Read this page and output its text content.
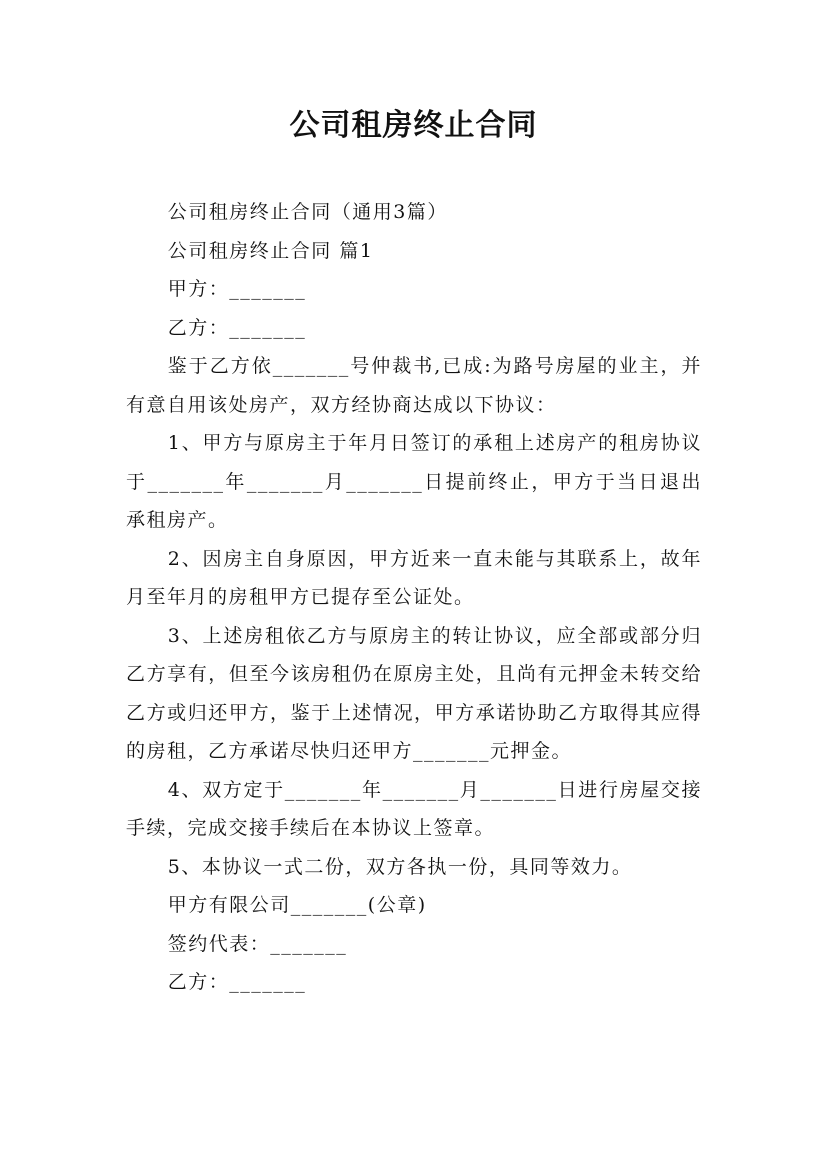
公司租房终止合同

公司租房终止合同（通用3篇）

公司租房终止合同 篇1

甲方：_______

乙方：_______

鉴于乙方依_______号仲裁书,已成:为路号房屋的业主，并有意自用该处房产，双方经协商达成以下协议：

1、甲方与原房主于年月日签订的承租上述房产的租房协议于_______年_______月_______日提前终止，甲方于当日退出承租房产。

2、因房主自身原因，甲方近来一直未能与其联系上，故年月至年月的房租甲方已提存至公证处。

3、上述房租依乙方与原房主的转让协议，应全部或部分归乙方享有，但至今该房租仍在原房主处，且尚有元押金未转交给乙方或归还甲方，鉴于上述情况，甲方承诺协助乙方取得其应得的房租，乙方承诺尽快归还甲方_______元押金。

4、双方定于_______年_______月_______日进行房屋交接手续，完成交接手续后在本协议上签章。

5、本协议一式二份，双方各执一份，具同等效力。

甲方有限公司_______(公章)

签约代表：_______

乙方：_______
